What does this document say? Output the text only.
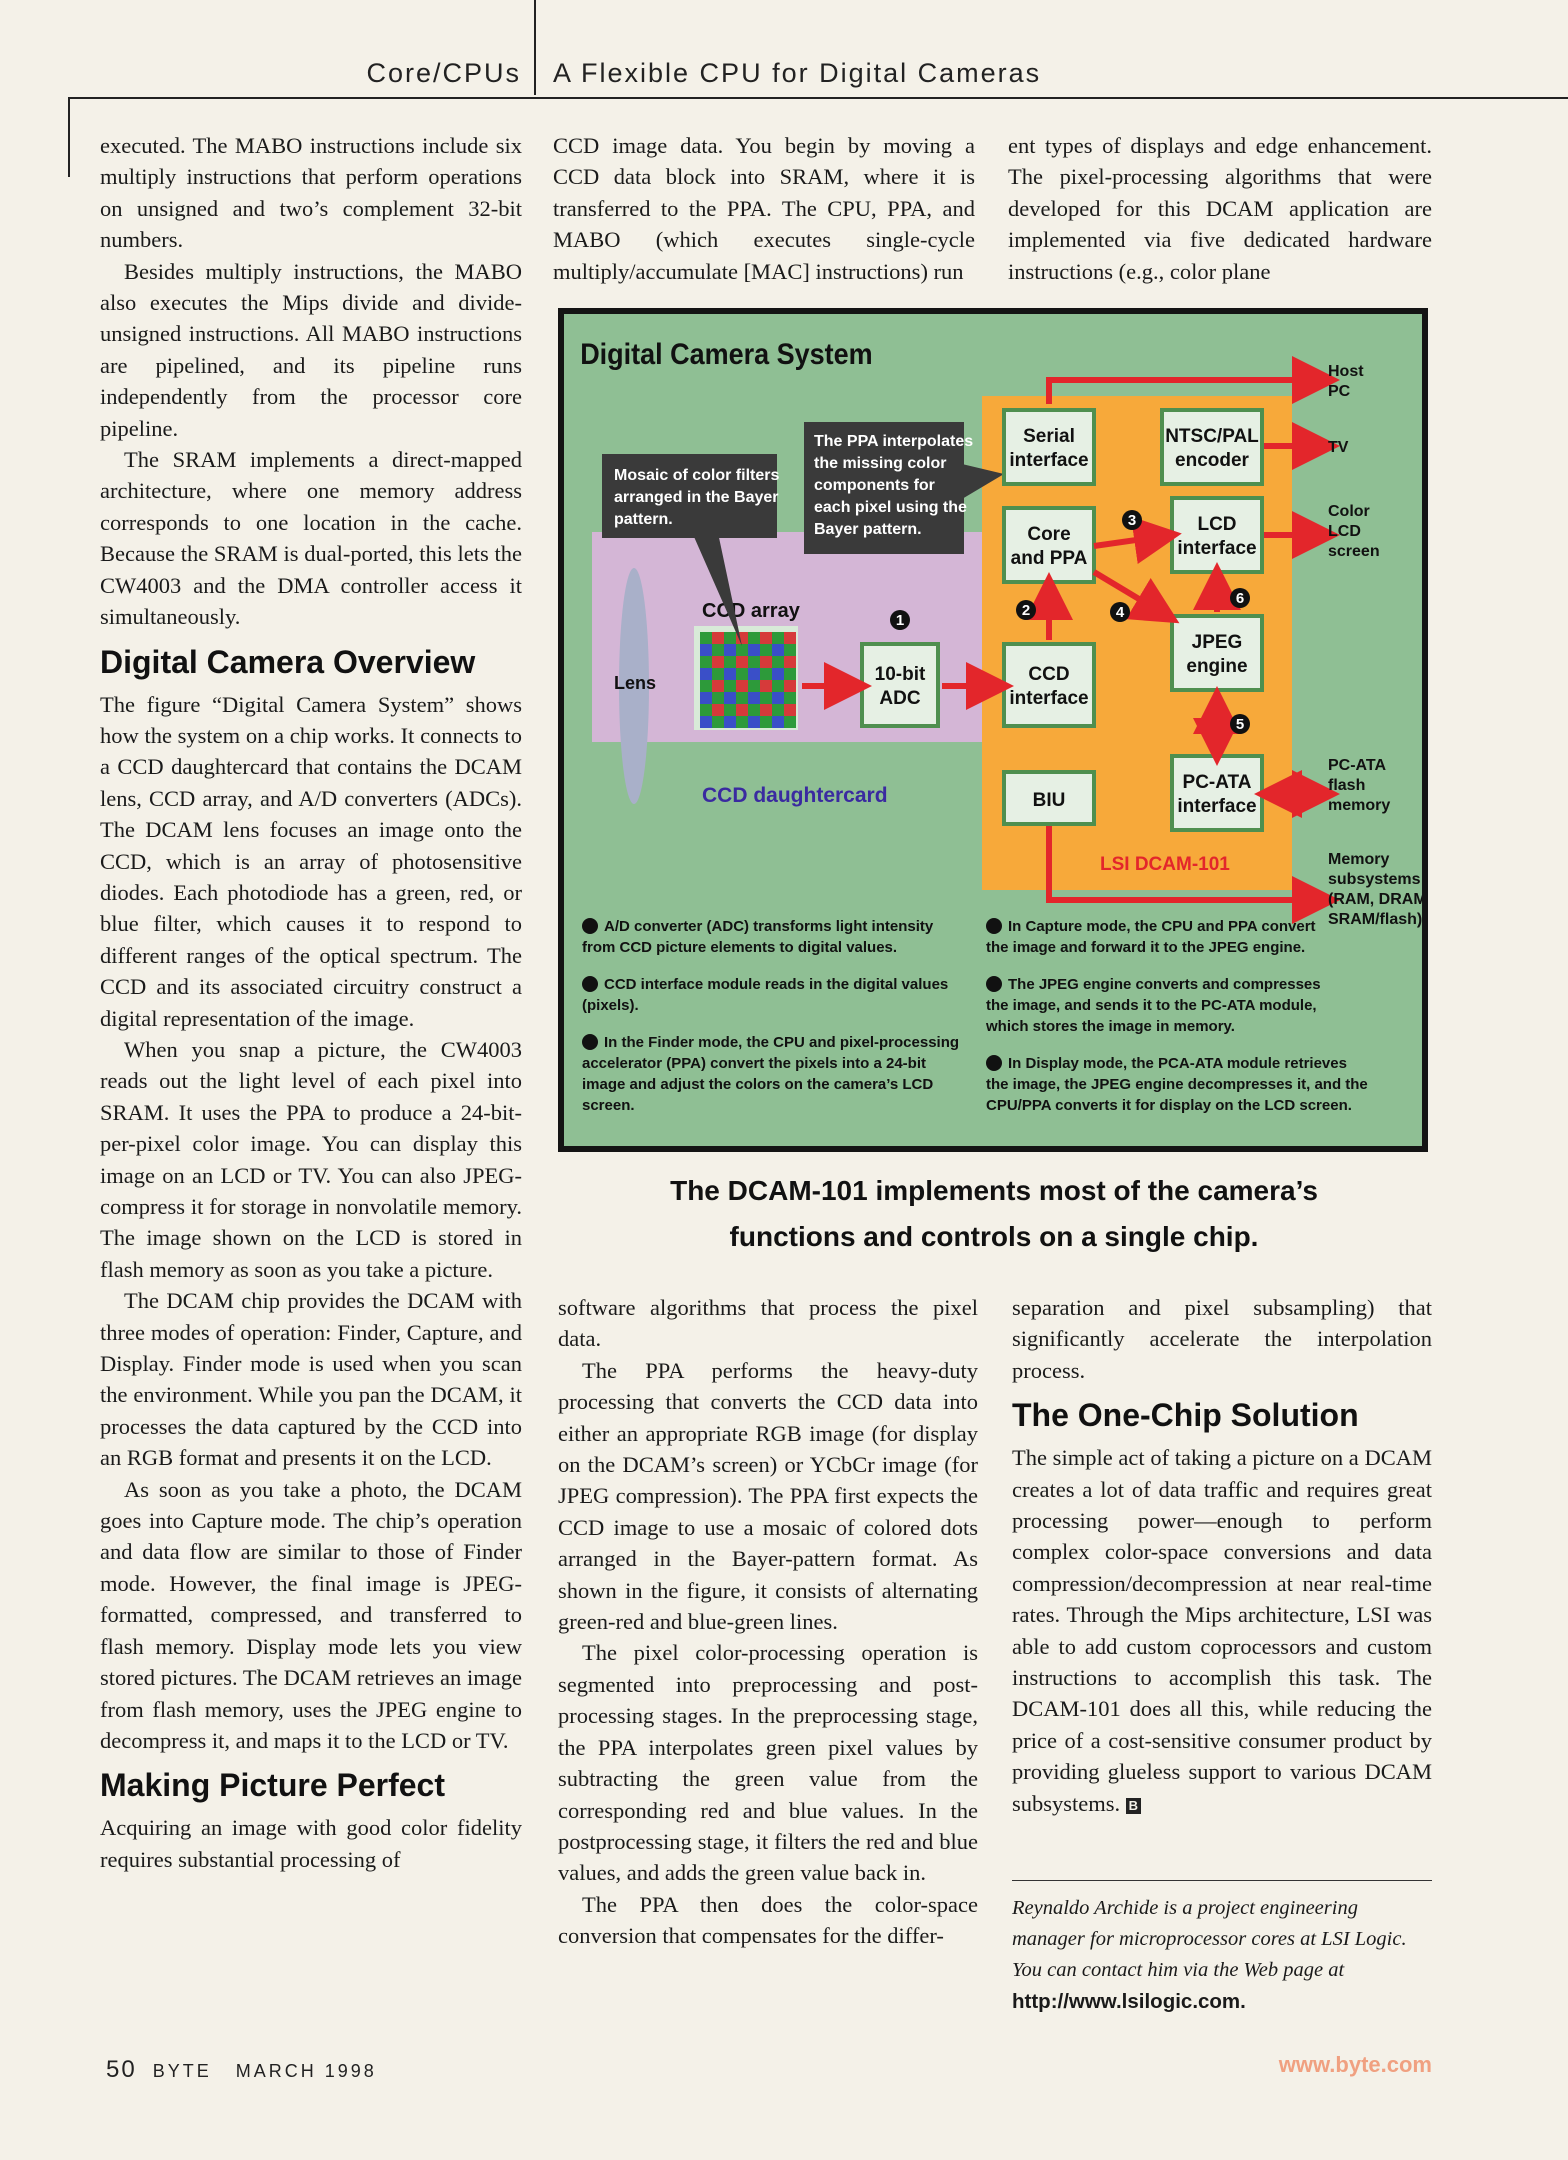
Core/CPUs A Flexible CPU for Digital Cameras

executed. The MABO instructions include six multiply instructions that perform operations on unsigned and two’s complement 32-bit numbers.

Besides multiply instructions, the MABO also executes the Mips divide and divide-unsigned instructions. All MABO instructions are pipelined, and its pipeline runs independently from the processor core pipeline.

The SRAM implements a direct-mapped architecture, where one memory address corresponds to one location in the cache. Because the SRAM is dual-ported, this lets the CW4003 and the DMA controller access it simultaneously.

Digital Camera Overview

The figure “Digital Camera System” shows how the system on a chip works. It connects to a CCD daughtercard that contains the DCAM lens, CCD array, and A/D converters (ADCs). The DCAM lens focuses an image onto the CCD, which is an array of photosensitive diodes. Each photodiode has a green, red, or blue filter, which causes it to respond to different ranges of the optical spectrum. The CCD and its associated circuitry construct a digital representation of the image.

When you snap a picture, the CW4003 reads out the light level of each pixel into SRAM. It uses the PPA to produce a 24-bit-per-pixel color image. You can display this image on an LCD or TV. You can also JPEG-compress it for storage in nonvolatile memory. The image shown on the LCD is stored in flash memory as soon as you take a picture.

The DCAM chip provides the DCAM with three modes of operation: Finder, Capture, and Display. Finder mode is used when you scan the environment. While you pan the DCAM, it processes the data captured by the CCD into an RGB format and presents it on the LCD.

As soon as you take a photo, the DCAM goes into Capture mode. The chip’s operation and data flow are similar to those of Finder mode. However, the final image is JPEG-formatted, compressed, and transferred to flash memory. Display mode lets you view stored pictures. The DCAM retrieves an image from flash memory, uses the JPEG engine to decompress it, and maps it to the LCD or TV.

Making Picture Perfect

Acquiring an image with good color fidelity requires substantial processing of

CCD image data. You begin by moving a CCD data block into SRAM, where it is transferred to the PPA. The CPU, PPA, and MABO (which executes single-cycle multiply/accumulate [MAC] instructions) run

ent types of displays and edge enhancement. The pixel-processing algorithms that were developed for this DCAM application are implemented via five dedicated hardware instructions (e.g., color plane

Digital Camera System
CCD daughtercard
Lens
CCD array
Mosaic of color filters
arranged in the Bayer
pattern.
LSI DCAM-101
The PPA interpolates
the missing color
components for
each pixel using the
Bayer pattern.
10-bit
ADC
Serial
interface
Core
and PPA
CCD
interface
BIU
NTSC/PAL
encoder
LCD
interface
JPEG
engine
PC-ATA
interface
1
2
3
4
5
6
Host
PC
TV
Color
LCD
screen
PC-ATA
flash
memory
Memory
subsystems
(RAM, DRAM,
SRAM/flash)
A/D converter (ADC) transforms light intensity
from CCD picture elements to digital values.
CCD interface module reads in the digital values
(pixels).
In the Finder mode, the CPU and pixel-processing
accelerator (PPA) convert the pixels into a 24-bit
image and adjust the colors on the camera’s LCD
screen.
In Capture mode, the CPU and PPA convert
the image and forward it to the JPEG engine.
The JPEG engine converts and compresses
the image, and sends it to the PC-ATA module,
which stores the image in memory.
In Display mode, the PCA-ATA module retrieves
the image, the JPEG engine decompresses it, and the
CPU/PPA converts it for display on the LCD screen.
The DCAM-101 implements most of the camera’s
functions and controls on a single chip.

software algorithms that process the pixel data.

The PPA performs the heavy-duty processing that converts the CCD data into either an appropriate RGB image (for display on the DCAM’s screen) or YCbCr image (for JPEG compression). The PPA first expects the CCD image to use a mosaic of colored dots arranged in the Bayer-pattern format. As shown in the figure, it consists of alternating green-red and blue-green lines.

The pixel color-processing operation is segmented into preprocessing and post-processing stages. In the preprocessing stage, the PPA interpolates green pixel values by subtracting the green value from the corresponding red and blue values. In the postprocessing stage, it filters the red and blue values, and adds the green value back in.

The PPA then does the color-space conversion that compensates for the differ-

separation and pixel subsampling) that significantly accelerate the interpolation process.

The One-Chip Solution

The simple act of taking a picture on a DCAM creates a lot of data traffic and requires great processing power—enough to perform complex color-space conversions and data compression/decompression at near real-time rates. Through the Mips architecture, LSI was able to add custom coprocessors and custom instructions to accomplish this task. The DCAM-101 does all this, while reducing the price of a cost-sensitive consumer product by providing glueless support to various DCAM subsystems. B

Reynaldo Archide is a project engineering manager for microprocessor cores at LSI Logic. You can contact him via the Web page at http://www.lsilogic.com.
50 BYTE MARCH 1998	www.byte.com
